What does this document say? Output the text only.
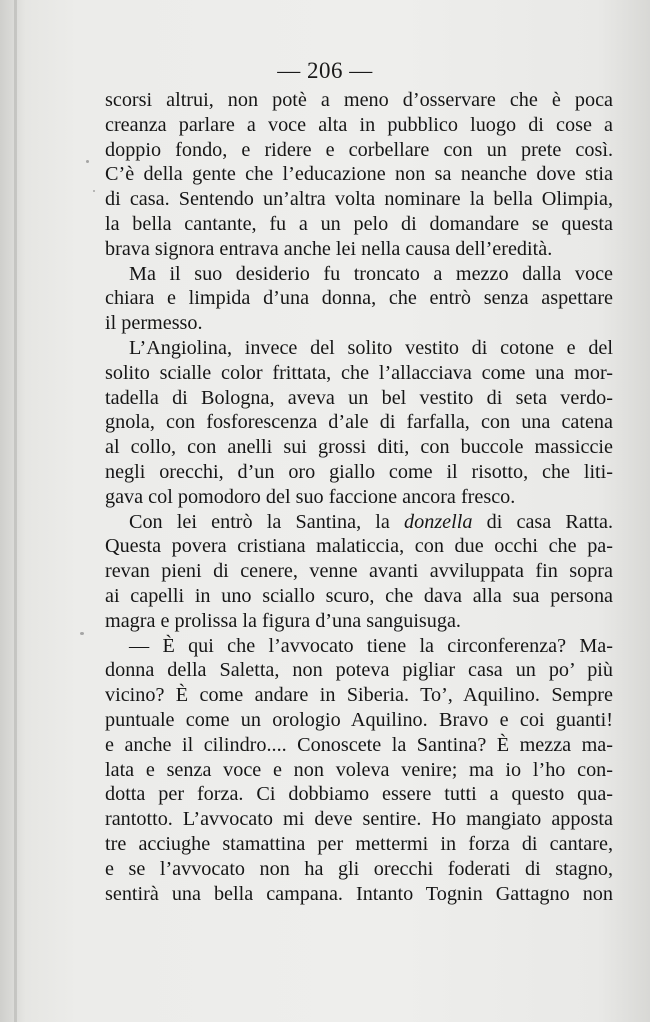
— 206 —
scorsi altrui, non potè a meno d’osservare che è poca
creanza parlare a voce alta in pubblico luogo di cose a
doppio fondo, e ridere e corbellare con un prete così.
C’è della gente che l’educazione non sa neanche dove stia
di casa. Sentendo un’altra volta nominare la bella Olimpia,
la bella cantante, fu a un pelo di domandare se questa
brava signora entrava anche lei nella causa dell’eredità.
Ma il suo desiderio fu troncato a mezzo dalla voce
chiara e limpida d’una donna, che entrò senza aspettare
il permesso.
L’Angiolina, invece del solito vestito di cotone e del
solito scialle color frittata, che l’allacciava come una mor-
tadella di Bologna, aveva un bel vestito di seta verdo-
gnola, con fosforescenza d’ale di farfalla, con una catena
al collo, con anelli sui grossi diti, con buccole massiccie
negli orecchi, d’un oro giallo come il risotto, che liti-
gava col pomodoro del suo faccione ancora fresco.
Con lei entrò la Santina, la donzella di casa Ratta.
Questa povera cristiana malaticcia, con due occhi che pa-
revan pieni di cenere, venne avanti avviluppata fin sopra
ai capelli in uno sciallo scuro, che dava alla sua persona
magra e prolissa la figura d’una sanguisuga.
— È qui che l’avvocato tiene la circonferenza? Ma-
donna della Saletta, non poteva pigliar casa un po’ più
vicino? È come andare in Siberia. To’, Aquilino. Sempre
puntuale come un orologio Aquilino. Bravo e coi guanti!
e anche il cilindro.... Conoscete la Santina? È mezza ma-
lata e senza voce e non voleva venire; ma io l’ho con-
dotta per forza. Ci dobbiamo essere tutti a questo qua-
rantotto. L’avvocato mi deve sentire. Ho mangiato apposta
tre acciughe stamattina per mettermi in forza di cantare,
e se l’avvocato non ha gli orecchi foderati di stagno,
sentirà una bella campana. Intanto Tognin Gattagno non
